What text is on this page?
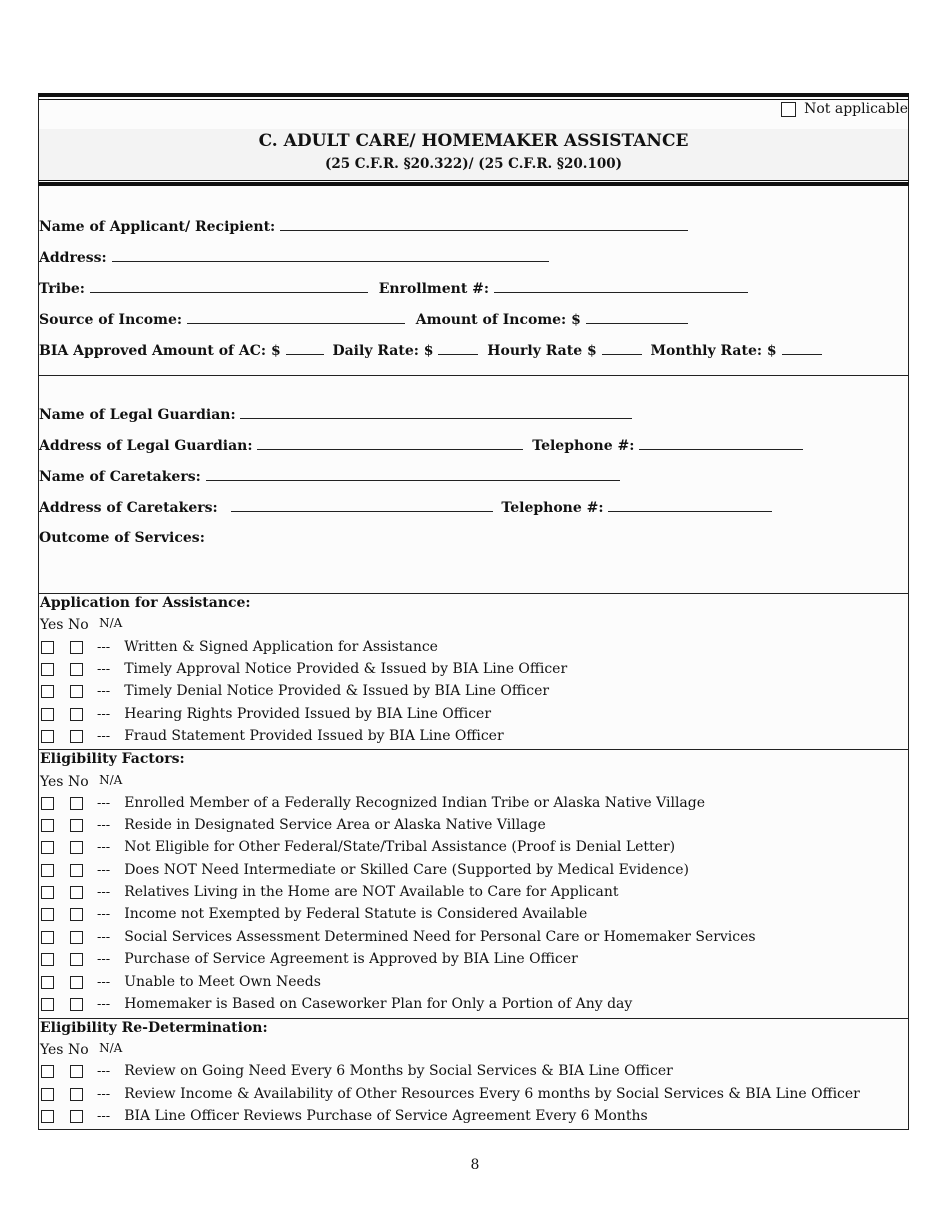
Not applicable
C. ADULT CARE/ HOMEMAKER ASSISTANCE
(25 C.F.R. §20.322)/ (25 C.F.R. §20.100)
Name of Applicant/ Recipient:
Address:
Tribe:	Enrollment #:
Source of Income:	Amount of Income: $
BIA Approved Amount of AC: $	Daily Rate: $	Hourly Rate $	Monthly Rate: $
Name of Legal Guardian:
Address of Legal Guardian:	Telephone #:
Name of Caretakers:
Address of Caretakers:	Telephone #:
Outcome of Services:
Application for Assistance:
Yes No N/A
--- Written & Signed Application for Assistance
--- Timely Approval Notice Provided & Issued by BIA Line Officer
--- Timely Denial Notice Provided & Issued by BIA Line Officer
--- Hearing Rights Provided Issued by BIA Line Officer
--- Fraud Statement Provided Issued by BIA Line Officer
Eligibility Factors:
Yes No N/A
--- Enrolled Member of a Federally Recognized Indian Tribe or Alaska Native Village
--- Reside in Designated Service Area or Alaska Native Village
--- Not Eligible for Other Federal/State/Tribal Assistance (Proof is Denial Letter)
--- Does NOT Need Intermediate or Skilled Care (Supported by Medical Evidence)
--- Relatives Living in the Home are NOT Available to Care for Applicant
--- Income not Exempted by Federal Statute is Considered Available
--- Social Services Assessment Determined Need for Personal Care or Homemaker Services
--- Purchase of Service Agreement is Approved by BIA Line Officer
--- Unable to Meet Own Needs
--- Homemaker is Based on Caseworker Plan for Only a Portion of Any day
Eligibility Re-Determination:
Yes No N/A
--- Review on Going Need Every 6 Months by Social Services & BIA Line Officer
--- Review Income & Availability of Other Resources Every 6 months by Social Services & BIA Line Officer
--- BIA Line Officer Reviews Purchase of Service Agreement Every 6 Months
8
